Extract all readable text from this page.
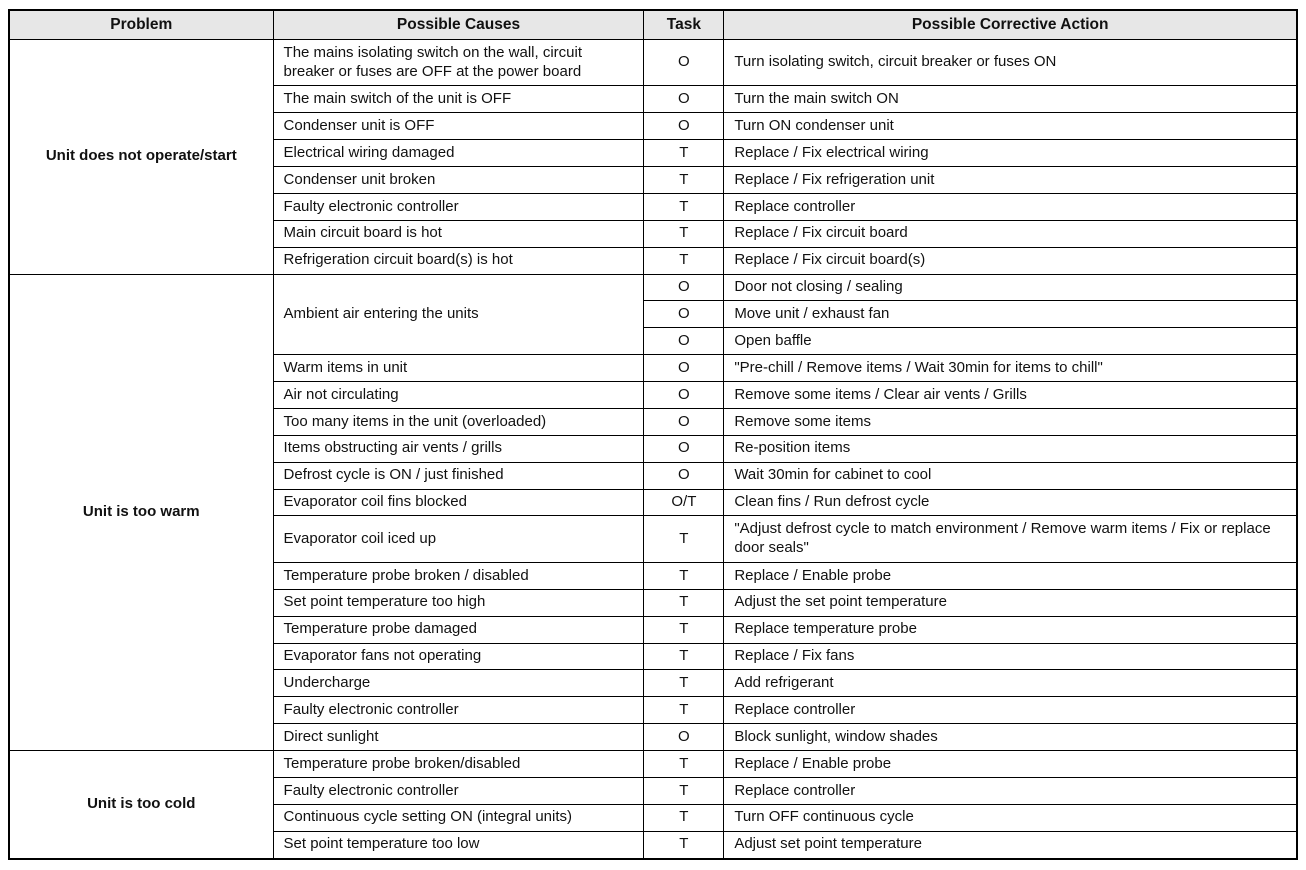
Problem	Possible Causes	Task	Possible Corrective Action
Unit does not operate/start	The mains isolating switch on the wall, circuit breaker or fuses are OFF at the power board	O	Turn isolating switch, circuit breaker or fuses ON
	The main switch of the unit is OFF	O	Turn the main switch ON
	Condenser unit is OFF	O	Turn ON condenser unit
	Electrical wiring damaged	T	Replace / Fix electrical wiring
	Condenser unit broken	T	Replace / Fix refrigeration unit
	Faulty electronic controller	T	Replace controller
	Main circuit board is hot	T	Replace / Fix circuit board
	Refrigeration circuit board(s) is hot	T	Replace / Fix circuit board(s)
Unit is too warm	Ambient air entering the units	O	Door not closing / sealing
		O	Move unit / exhaust fan
		O	Open baffle
	Warm items in unit	O	"Pre-chill / Remove items / Wait 30min for items to chill"
	Air not circulating	O	Remove some items / Clear air vents / Grills
	Too many items in the unit (overloaded)	O	Remove some items
	Items obstructing air vents / grills	O	Re-position items
	Defrost cycle is ON / just finished	O	Wait 30min for cabinet to cool
	Evaporator coil fins blocked	O/T	Clean fins / Run defrost cycle
	Evaporator coil iced up	T	"Adjust defrost cycle to match environment / Remove warm items / Fix or replace door seals"
	Temperature probe broken / disabled	T	Replace / Enable probe
	Set point temperature too high	T	Adjust the set point temperature
	Temperature probe damaged	T	Replace temperature probe
	Evaporator fans not operating	T	Replace / Fix fans
	Undercharge	T	Add refrigerant
	Faulty electronic controller	T	Replace controller
	Direct sunlight	O	Block sunlight, window shades
Unit is too cold	Temperature probe broken/disabled	T	Replace / Enable probe
	Faulty electronic controller	T	Replace controller
	Continuous cycle setting ON (integral units)	T	Turn OFF continuous cycle
	Set point temperature too low	T	Adjust set point temperature
